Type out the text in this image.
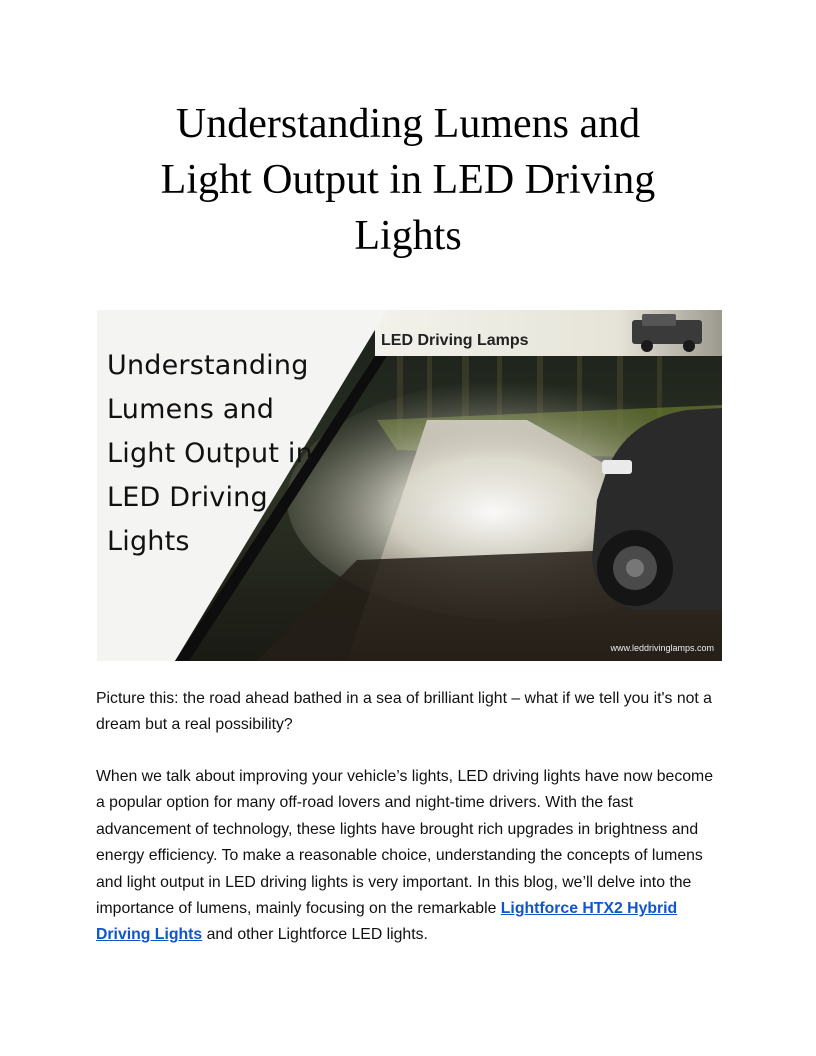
Understanding Lumens and
Light Output in LED Driving
Lights
Understanding
Lumens and
Light Output in
LED Driving
Lights
LED Driving Lamps
www.leddrivinglamps.com

Picture this: the road ahead bathed in a sea of brilliant light – what if we tell you it's not a dream but a real possibility?

When we talk about improving your vehicle’s lights, LED driving lights have now become a popular option for many off-road lovers and night-time drivers. With the fast advancement of technology, these lights have brought rich upgrades in brightness and energy efficiency. To make a reasonable choice, understanding the concepts of lumens and light output in LED driving lights is very important. In this blog, we’ll delve into the importance of lumens, mainly focusing on the remarkable Lightforce HTX2 Hybrid Driving Lights and other Lightforce LED lights.
